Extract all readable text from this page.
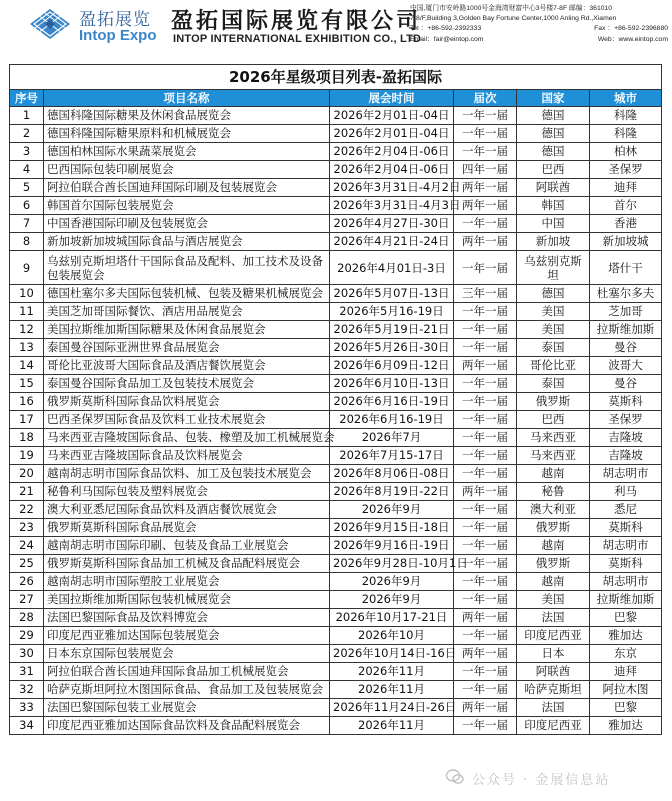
盈拓展览
Intop Expo
盈拓国际展览有限公司
INTOP INTERNATIONAL EXHIBITION CO., LTD
中国,厦门市安岭路1000号金海湾财富中心3号楼7-8F 邮编：361010
7-8/F,Building 3,Golden Bay Fortune Center,1000 Anling Rd.,Xiamen
Tel ：+86-592-2392333	Fax ：+86-592-2396880
Email：fair@eintop.com	Web：www.eintop.com
2026年星级项目列表-盈拓国际
序号	项目名称	展会时间	届次	国家	城市
1	德国科隆国际糖果及休闲食品展览会	2026年2月01日-04日	一年一届	德国	科隆
2	德国科隆国际糖果原料和机械展览会	2026年2月01日-04日	一年一届	德国	科隆
3	德国柏林国际水果蔬菜展览会	2026年2月04日-06日	一年一届	德国	柏林
4	巴西国际包装印刷展览会	2026年2月04日-06日	四年一届	巴西	圣保罗
5	阿拉伯联合酋长国迪拜国际印刷及包装展览会	2026年3月31日-4月2日	两年一届	阿联酋	迪拜
6	韩国首尔国际包装展览会	2026年3月31日-4月3日	两年一届	韩国	首尔
7	中国香港国际印刷及包装展览会	2026年4月27日-30日	一年一届	中国	香港
8	新加坡新加坡城国际食品与酒店展览会	2026年4月21日-24日	两年一届	新加坡	新加坡城
9	乌兹别克斯坦塔什干国际食品及配料、加工技术及设备包装展览会	2026年4月01日-3日	一年一届	乌兹别克斯坦	塔什干
10	德国杜塞尔多夫国际包装机械、包装及糖果机械展览会	2026年5月07日-13日	三年一届	德国	杜塞尔多夫
11	美国芝加哥国际餐饮、酒店用品展览会	2026年5月16-19日	一年一届	美国	芝加哥
12	美国拉斯维加斯国际糖果及休闲食品展览会	2026年5月19日-21日	一年一届	美国	拉斯维加斯
13	泰国曼谷国际亚洲世界食品展览会	2026年5月26日-30日	一年一届	泰国	曼谷
14	哥伦比亚波哥大国际食品及酒店餐饮展览会	2026年6月09日-12日	两年一届	哥伦比亚	波哥大
15	泰国曼谷国际食品加工及包装技术展览会	2026年6月10日-13日	一年一届	泰国	曼谷
16	俄罗斯莫斯科国际食品饮料展览会	2026年6月16日-19日	一年一届	俄罗斯	莫斯科
17	巴西圣保罗国际食品及饮料工业技术展览会	2026年6月16-19日	一年一届	巴西	圣保罗
18	马来西亚吉隆坡国际食品、包装、橡塑及加工机械展览会	2026年7月	一年一届	马来西亚	吉隆坡
19	马来西亚吉隆坡国际食品及饮料展览会	2026年7月15-17日	一年一届	马来西亚	吉隆坡
20	越南胡志明市国际食品饮料、加工及包装技术展览会	2026年8月06日-08日	一年一届	越南	胡志明市
21	秘鲁利马国际包装及塑料展览会	2026年8月19日-22日	两年一届	秘鲁	利马
22	澳大利亚悉尼国际食品饮料及酒店餐饮展览会	2026年9月	一年一届	澳大利亚	悉尼
23	俄罗斯莫斯科国际食品展览会	2026年9月15日-18日	一年一届	俄罗斯	莫斯科
24	越南胡志明市国际印刷、包装及食品工业展览会	2026年9月16日-19日	一年一届	越南	胡志明市
25	俄罗斯莫斯科国际食品加工机械及食品配料展览会	2026年9月28日-10月1日	一年一届	俄罗斯	莫斯科
26	越南胡志明市国际塑胶工业展览会	2026年9月	一年一届	越南	胡志明市
27	美国拉斯维加斯国际包装机械展览会	2026年9月	一年一届	美国	拉斯维加斯
28	法国巴黎国际食品及饮料博览会	2026年10月17-21日	两年一届	法国	巴黎
29	印度尼西亚雅加达国际包装展览会	2026年10月	一年一届	印度尼西亚	雅加达
30	日本东京国际包装展览会	2026年10月14日-16日	两年一届	日本	东京
31	阿拉伯联合酋长国迪拜国际食品加工机械展览会	2026年11月	一年一届	阿联酋	迪拜
32	哈萨克斯坦阿拉木图国际食品、食品加工及包装展览会	2026年11月	一年一届	哈萨克斯坦	阿拉木图
33	法国巴黎国际包装工业展览会	2026年11月24日-26日	两年一届	法国	巴黎
34	印度尼西亚雅加达国际食品饮料及食品配料展览会	2026年11月	一年一届	印度尼西亚	雅加达
公众号 · 金展信息站
